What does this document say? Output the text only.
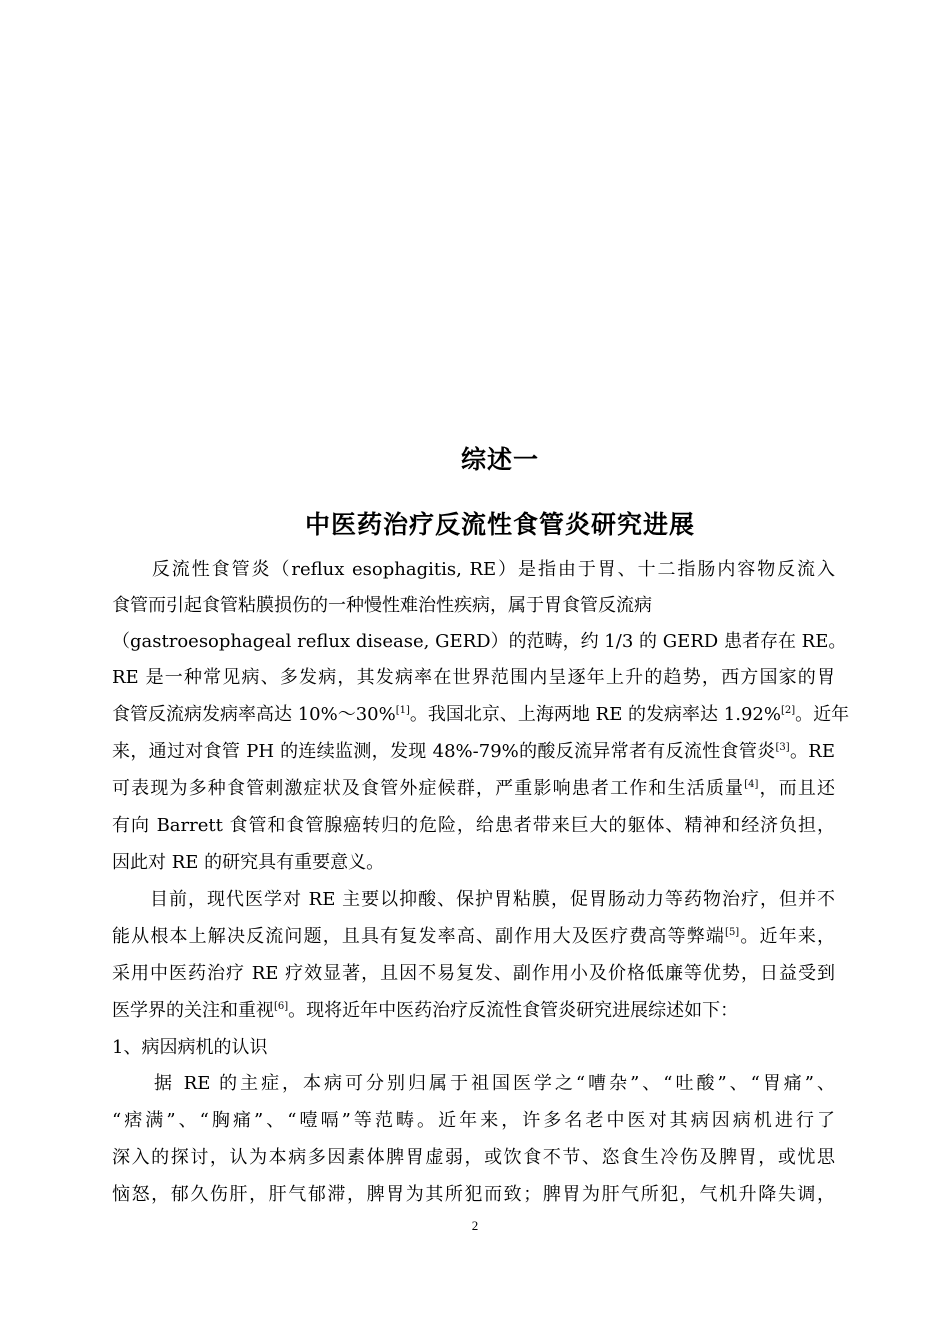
综述一
中医药治疗反流性食管炎研究进展
　　反流性食管炎（reflux esophagitis, RE）是指由于胃、十二指肠内容物反流入
食管而引起食管粘膜损伤的一种慢性难治性疾病，属于胃食管反流病
（gastroesophageal reflux disease, GERD）的范畴，约 1/3 的 GERD 患者存在 RE。
RE 是一种常见病、多发病，其发病率在世界范围内呈逐年上升的趋势，西方国家的胃
食管反流病发病率高达 10%～30%[1]。我国北京、上海两地 RE 的发病率达 1.92%[2]。近年
来，通过对食管 PH 的连续监测，发现 48%-79%的酸反流异常者有反流性食管炎[3]。RE
可表现为多种食管刺激症状及食管外症候群，严重影响患者工作和生活质量[4]，而且还
有向 Barrett 食管和食管腺癌转归的危险，给患者带来巨大的躯体、精神和经济负担，
因此对 RE 的研究具有重要意义。
　　目前，现代医学对 RE 主要以抑酸、保护胃粘膜，促胃肠动力等药物治疗，但并不
能从根本上解决反流问题，且具有复发率高、副作用大及医疗费高等弊端[5]。近年来，
采用中医药治疗 RE 疗效显著，且因不易复发、副作用小及价格低廉等优势，日益受到
医学界的关注和重视[6]。现将近年中医药治疗反流性食管炎研究进展综述如下：
1、病因病机的认识
　　据 RE 的主症，本病可分别归属于祖国医学之“嘈杂”、“吐酸”、“胃痛”、
“痞满”、“胸痛”、“噎嗝”等范畴。近年来，许多名老中医对其病因病机进行了
深入的探讨，认为本病多因素体脾胃虚弱，或饮食不节、恣食生冷伤及脾胃，或忧思
恼怒，郁久伤肝，肝气郁滞，脾胃为其所犯而致；脾胃为肝气所犯，气机升降失调，
2
